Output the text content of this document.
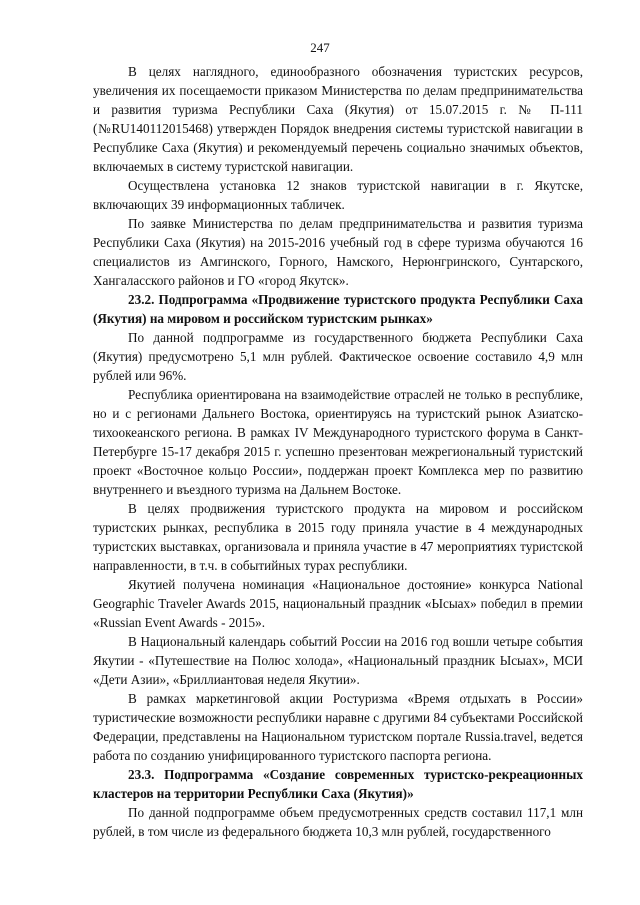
247

В целях наглядного, единообразного обозначения туристских ресурсов, увеличения их посещаемости приказом Министерства по делам предпринимательства и развития туризма Республики Саха (Якутия) от 15.07.2015 г. № П-111 (№RU140112015468) утвержден Порядок внедрения системы туристской навигации в Республике Саха (Якутия) и рекомендуемый перечень социально значимых объектов, включаемых в систему туристской навигации.

Осуществлена установка 12 знаков туристской навигации в г. Якутске, включающих 39 информационных табличек.

По заявке Министерства по делам предпринимательства и развития туризма Республики Саха (Якутия) на 2015-2016 учебный год в сфере туризма обучаются 16 специалистов из Амгинского, Горного, Намского, Нерюнгринского, Сунтарского, Хангаласского районов и ГО «город Якутск».

23.2. Подпрограмма «Продвижение туристского продукта Республики Саха (Якутия) на мировом и российском туристским рынках»

По данной подпрограмме из государственного бюджета Республики Саха (Якутия) предусмотрено 5,1 млн рублей. Фактическое освоение составило 4,9 млн рублей или 96%.

Республика ориентирована на взаимодействие отраслей не только в республике, но и с регионами Дальнего Востока, ориентируясь на туристский рынок Азиатско-тихоокеанского региона. В рамках IV Международного туристского форума в Санкт-Петербурге 15-17 декабря 2015 г. успешно презентован межрегиональный туристский проект «Восточное кольцо России», поддержан проект Комплекса мер по развитию внутреннего и въездного туризма на Дальнем Востоке.

В целях продвижения туристского продукта на мировом и российском туристских рынках, республика в 2015 году приняла участие в 4 международных туристских выставках, организовала и приняла участие в 47 мероприятиях туристской направленности, в т.ч. в событийных турах республики.

Якутией получена номинация «Национальное достояние» конкурса National Geographic Traveler Awards 2015, национальный праздник «Ысыах» победил в премии «Russian Event Awards - 2015».

В Национальный календарь событий России на 2016 год вошли четыре события Якутии - «Путешествие на Полюс холода», «Национальный праздник Ысыах», МСИ «Дети Азии», «Бриллиантовая неделя Якутии».

В рамках маркетинговой акции Ростуризма «Время отдыхать в России» туристические возможности республики наравне с другими 84 субъектами Российской Федерации, представлены на Национальном туристском портале Russia.travel, ведется работа по созданию унифицированного туристского паспорта региона.

23.3. Подпрограмма «Создание современных туристско-рекреационных кластеров на территории Республики Саха (Якутия)»

По данной подпрограмме объем предусмотренных средств составил 117,1 млн рублей, в том числе из федерального бюджета 10,3 млн рублей, государственного
